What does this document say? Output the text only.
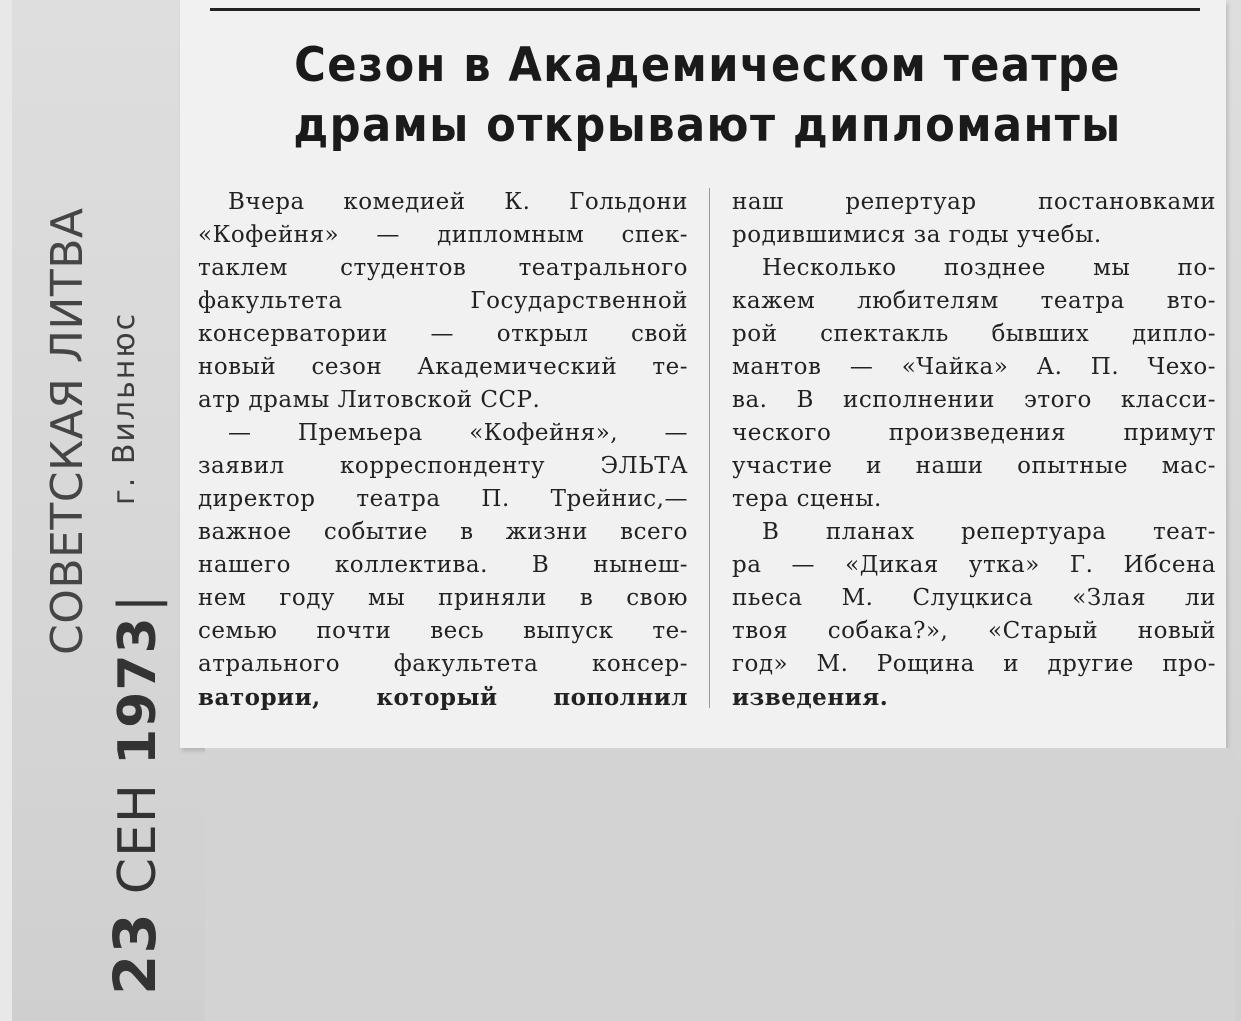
Сезон в Академическом театре
драмы открывают дипломанты
Вчера комедией К. Гольдони
«Кофейня» — дипломным спек-
таклем студентов театрального
факультета Государственной
консерватории — открыл свой
новый сезон Академический те-
атр драмы Литовской ССР.
— Премьера «Кофейня», —
заявил корреспонденту ЭЛЬТА
директор театра П. Трейнис,—
важное событие в жизни всего
нашего коллектива. В нынеш-
нем году мы приняли в свою
семью почти весь выпуск те-
атрального факультета консер-
ватории, который пополнил
наш репертуар постановками
родившимися за годы учебы.
Несколько позднее мы по-
кажем любителям театра вто-
рой спектакль бывших дипло-
мантов — «Чайка» А. П. Чехо-
ва. В исполнении этого класси-
ческого произведения примут
участие и наши опытные мас-
тера сцены.
В планах репертуара теат-
ра — «Дикая утка» Г. Ибсена
пьеса М. Слуцкиса «Злая ли
твоя собака?», «Старый новый
год» М. Рощина и другие про-
изведения.
23СЕН1973|
СОВЕТСКАЯ ЛИТВА г. Вильнюс
